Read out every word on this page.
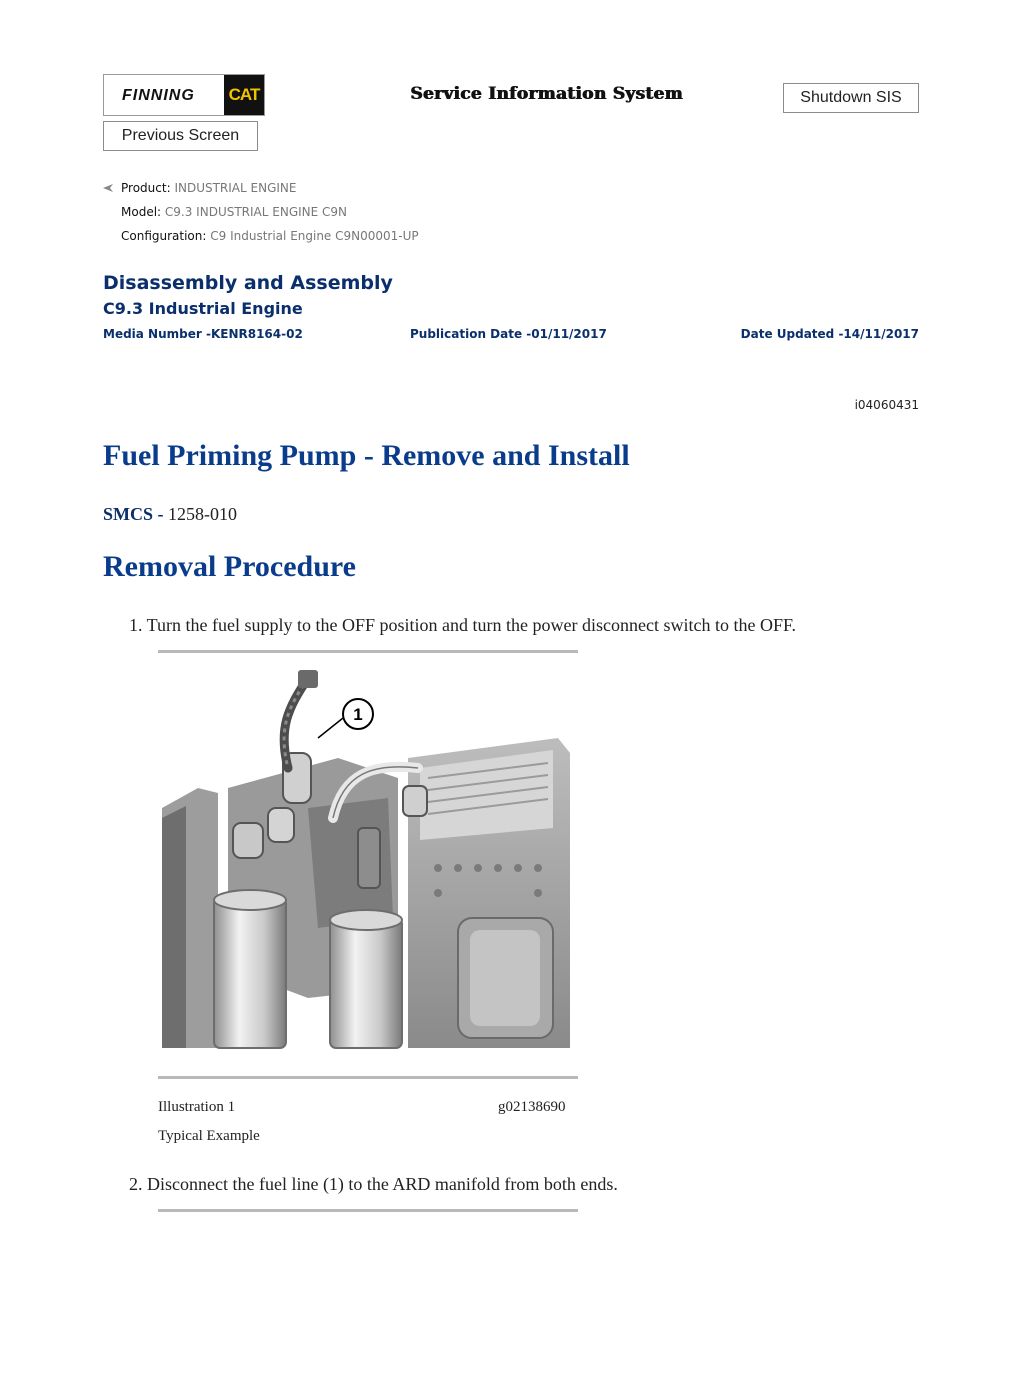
FINNING CAT	Service Information System	Shutdown SIS
Previous Screen
Product: INDUSTRIAL ENGINE
Model: C9.3 INDUSTRIAL ENGINE C9N
Configuration: C9 Industrial Engine C9N00001-UP
Disassembly and Assembly
C9.3 Industrial Engine
Media Number -KENR8164-02	Publication Date -01/11/2017	Date Updated -14/11/2017
i04060431
Fuel Priming Pump - Remove and Install
SMCS - 1258-010
Removal Procedure
1. Turn the fuel supply to the OFF position and turn the power disconnect switch to the OFF.
1
Illustration 1	g02138690
Typical Example
2. Disconnect the fuel line (1) to the ARD manifold from both ends.
